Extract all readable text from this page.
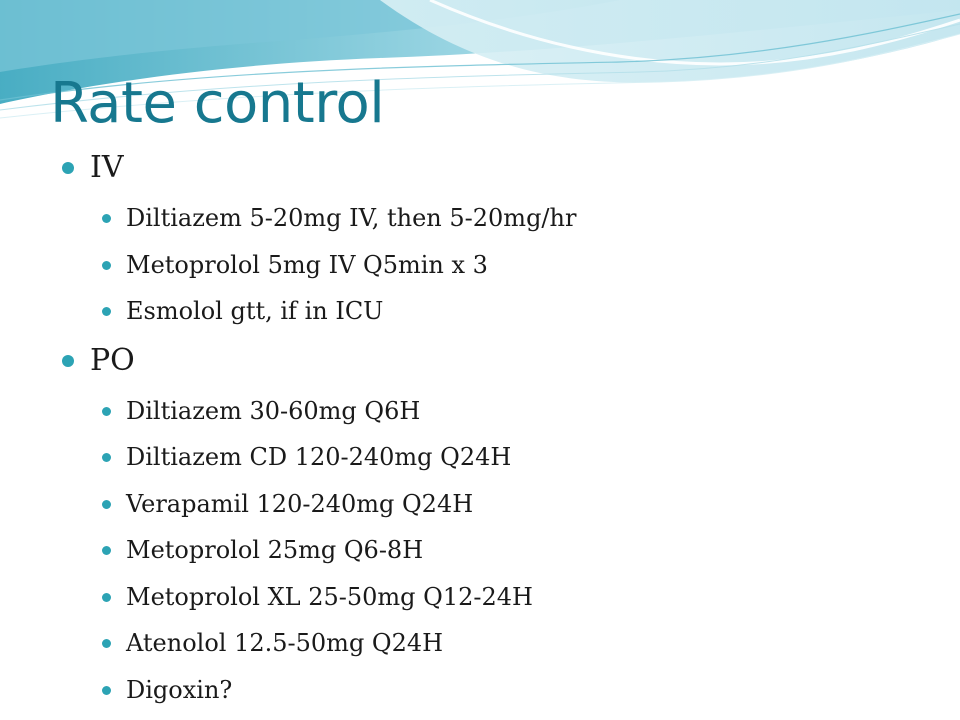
Rate control
IV
Diltiazem 5-20mg IV, then 5-20mg/hr
Metoprolol 5mg IV Q5min x 3
Esmolol gtt, if in ICU
PO
Diltiazem 30-60mg Q6H
Diltiazem CD 120-240mg Q24H
Verapamil 120-240mg Q24H
Metoprolol 25mg Q6-8H
Metoprolol XL 25-50mg Q12-24H
Atenolol 12.5-50mg Q24H
Digoxin?
